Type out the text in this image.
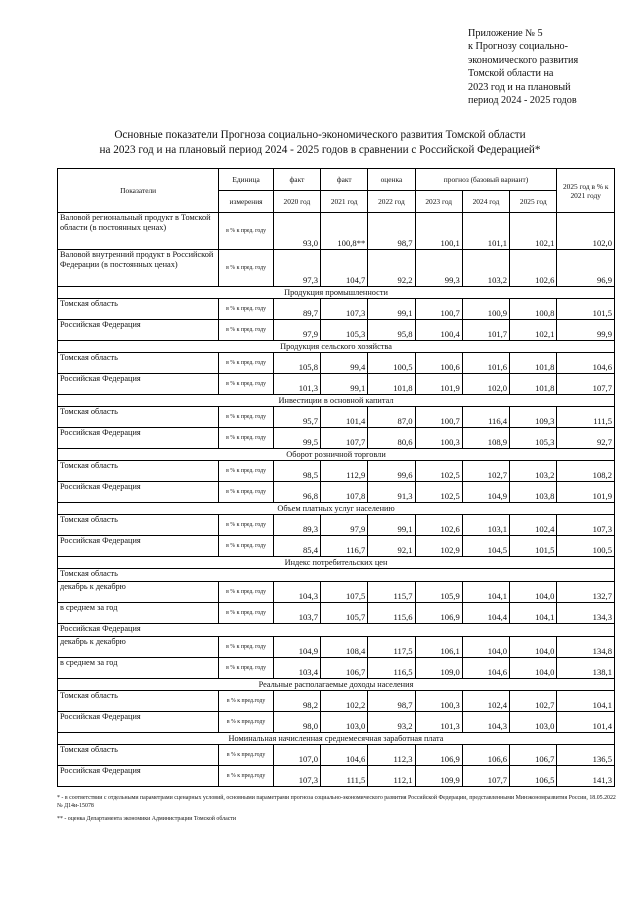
Приложение № 5
к Прогнозу социально-
экономического развития
Томской области на
2023 год и на плановый
период 2024 - 2025 годов
Основные показатели Прогноза социально-экономического развития Томской области
на 2023 год и на плановый период 2024 - 2025 годов в сравнении с Российской Федерацией*
Показатели	Единица	факт	факт	оценка	прогноз (базовый вариант)			2025 год в % к 2021 году
	измерения	2020 год	2021 год	2022 год	2023 год	2024 год	2025 год	
Валовой региональный продукт в Томской области (в постоянных ценах)	в % к пред. году	93,0	100,8**	98,7	100,1	101,1	102,1	102,0
Валовой внутренний продукт в Российской Федерации (в постоянных ценах)	в % к пред. году	97,3	104,7	92,2	99,3	103,2	102,6	96,9
Продукция промышленности								
Томская область	в % к пред. году	89,7	107,3	99,1	100,7	100,9	100,8	101,5
Российская Федерация	в % к пред. году	97,9	105,3	95,8	100,4	101,7	102,1	99,9
Продукция сельского хозяйства								
Томская область	в % к пред. году	105,8	99,4	100,5	100,6	101,6	101,8	104,6
Российская Федерация	в % к пред. году	101,3	99,1	101,8	101,9	102,0	101,8	107,7
Инвестиции в основной капитал								
Томская область	в % к пред. году	95,7	101,4	87,0	100,7	116,4	109,3	111,5
Российская Федерация	в % к пред. году	99,5	107,7	80,6	100,3	108,9	105,3	92,7
Оборот розничной торговли								
Томская область	в % к пред. году	98,5	112,9	99,6	102,5	102,7	103,2	108,2
Российская Федерация	в % к пред. году	96,8	107,8	91,3	102,5	104,9	103,8	101,9
Объем платных услуг населению								
Томская область	в % к пред. году	89,3	97,9	99,1	102,6	103,1	102,4	107,3
Российская Федерация	в % к пред. году	85,4	116,7	92,1	102,9	104,5	101,5	100,5
Индекс потребительских цен								
Томская область								
декабрь к декабрю	в % к пред. году	104,3	107,5	115,7	105,9	104,1	104,0	132,7
в среднем за год	в % к пред. году	103,7	105,7	115,6	106,9	104,4	104,1	134,3
Российская Федерация								
декабрь к декабрю	в % к пред. году	104,9	108,4	117,5	106,1	104,0	104,0	134,8
в среднем за год	в % к пред. году	103,4	106,7	116,5	109,0	104,6	104,0	138,1
Реальные располагаемые доходы населения								
Томская область	в % к пред.году	98,2	102,2	98,7	100,3	102,4	102,7	104,1
Российская Федерация	в % к пред.году	98,0	103,0	93,2	101,3	104,3	103,0	101,4
Номинальная начисленная среднемесячная заработная плата								
Томская область	в % к пред.году	107,0	104,6	112,3	106,9	106,6	106,7	136,5
Российская Федерация	в % к пред.году	107,3	111,5	112,1	109,9	107,7	106,5	141,3
* - в соответствии с отдельными параметрами сценарных условий, основными параметрами прогноза социально-экономического развития Российской Федерации, представленными Минэкономразвития России, 18.05.2022 № Д14и-15078
** - оценка Департамента экономики Администрации Томской области
